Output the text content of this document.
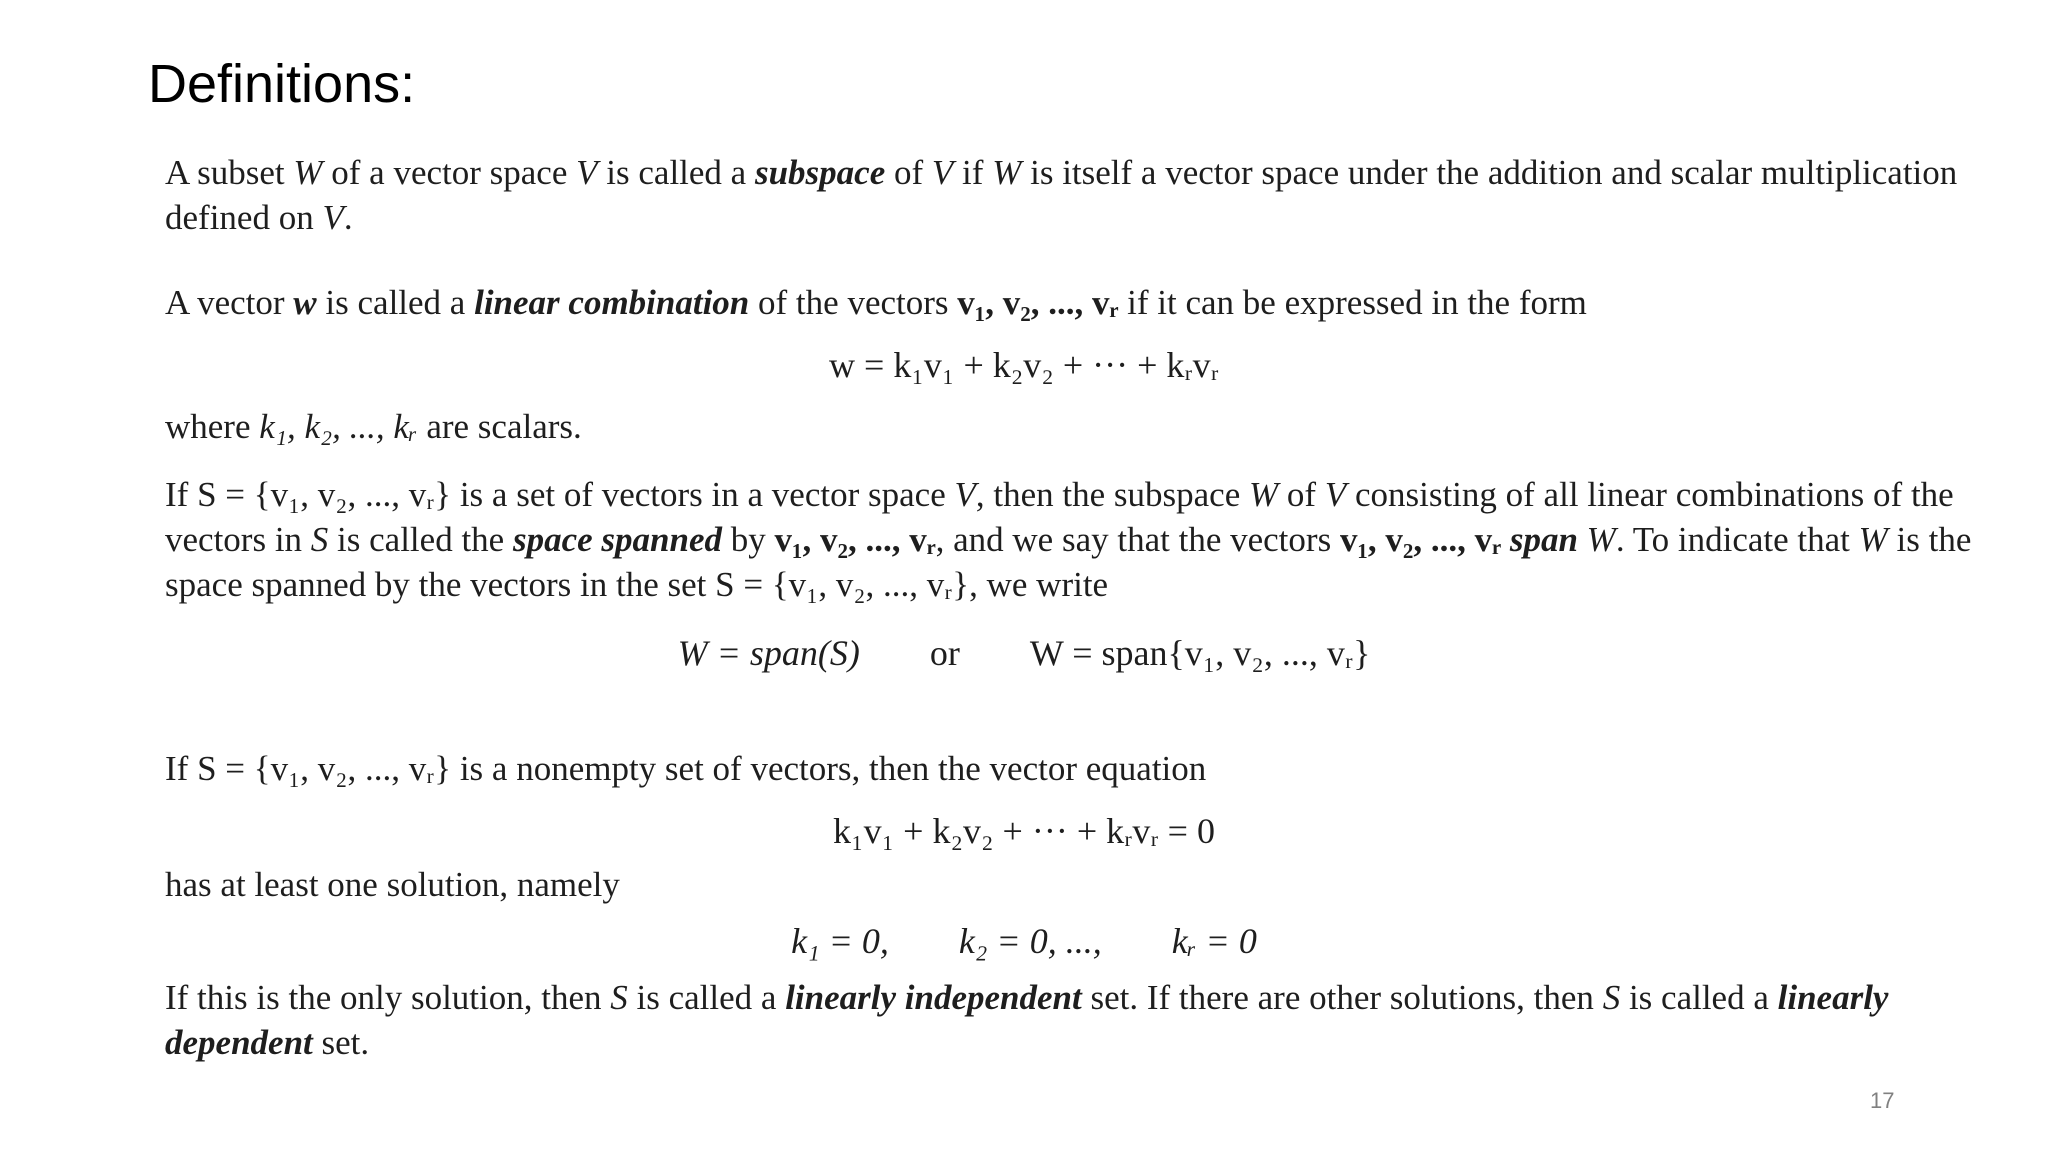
Definitions:
A subset W of a vector space V is called a subspace of V if W is itself a vector space under the addition and scalar multiplication defined on V.
A vector w is called a linear combination of the vectors v₁, v₂, ..., vᵣ if it can be expressed in the form
w = k₁v₁ + k₂v₂ + ··· + kᵣvᵣ
where k₁, k₂, ..., kᵣ are scalars.
If S = {v₁, v₂, ..., vᵣ} is a set of vectors in a vector space V, then the subspace W of V consisting of all linear combinations of the vectors in S is called the space spanned by v₁, v₂, ..., vᵣ, and we say that the vectors v₁, v₂, ..., vᵣ span W. To indicate that W is the space spanned by the vectors in the set S = {v₁, v₂, ..., vᵣ}, we write
W = span(S) or W = span{v₁, v₂, ..., vᵣ}
If S = {v₁, v₂, ..., vᵣ} is a nonempty set of vectors, then the vector equation
k₁v₁ + k₂v₂ + ··· + kᵣvᵣ = 0
has at least one solution, namely
k₁ = 0, k₂ = 0, ..., kᵣ = 0
If this is the only solution, then S is called a linearly independent set. If there are other solutions, then S is called a linearly dependent set.
17
